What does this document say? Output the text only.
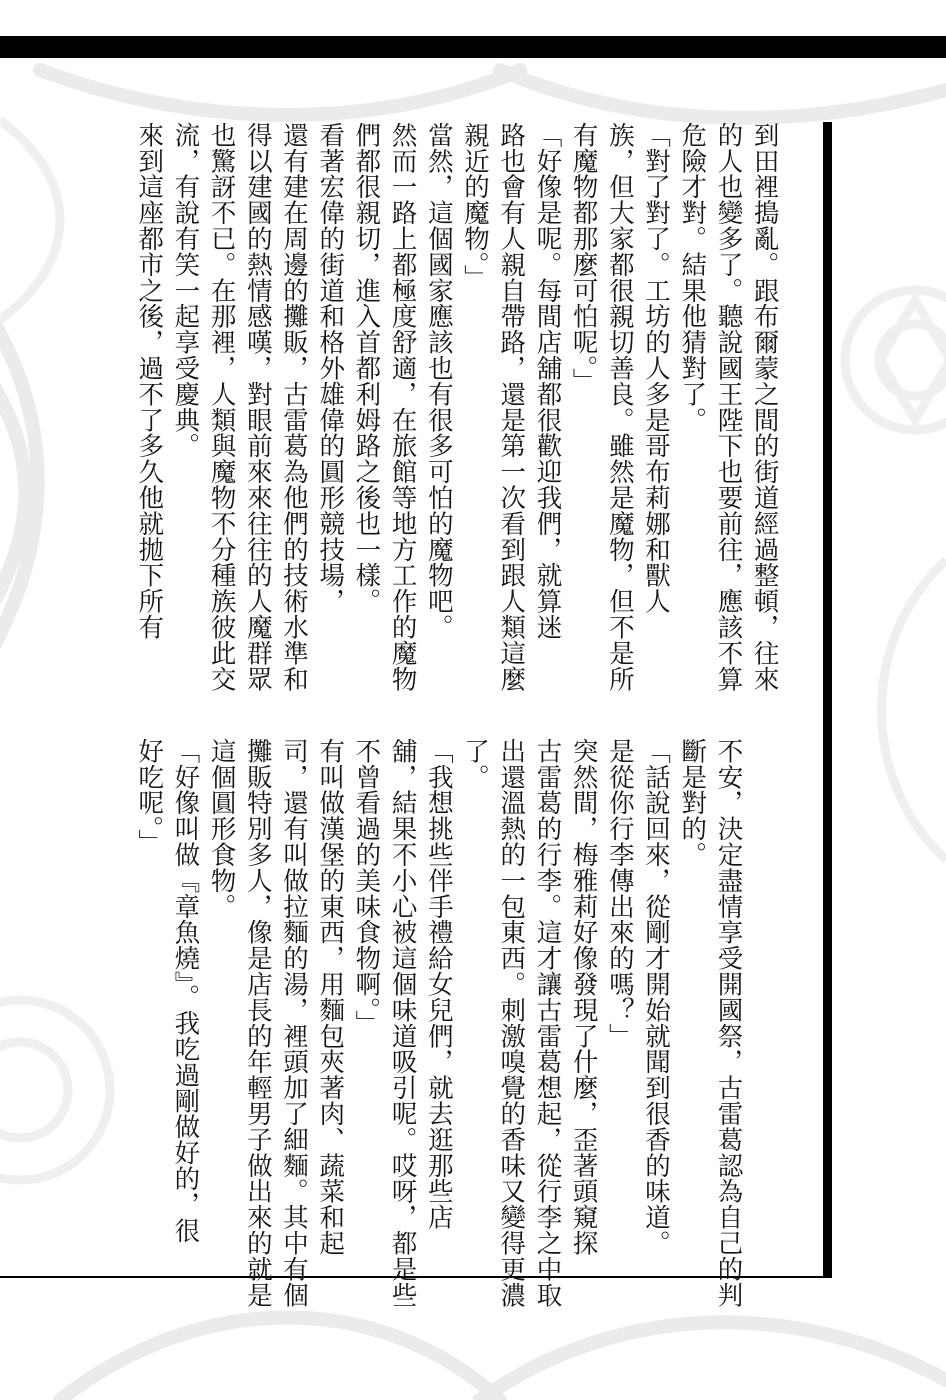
到田裡搗亂。跟布爾蒙之間的街道經過整頓，往來
的人也變多了。聽說國王陛下也要前往，應該不算
危險才對。結果他猜對了。
「對了對了。工坊的人多是哥布莉娜和獸人
族，但大家都很親切善良。雖然是魔物，但不是所
有魔物都那麼可怕呢。」
「好像是呢。每間店舖都很歡迎我們，就算迷
路也會有人親自帶路，還是第一次看到跟人類這麼
親近的魔物。」
當然，這個國家應該也有很多可怕的魔物吧。
然而一路上都極度舒適，在旅館等地方工作的魔物
們都很親切，進入首都利姆路之後也一樣。
看著宏偉的街道和格外雄偉的圓形競技場，
還有建在周邊的攤販，古雷葛為他們的技術水準和
得以建國的熱情感嘆，對眼前來來往往的人魔群眾
也驚訝不已。在那裡，人類與魔物不分種族彼此交
流，有說有笑一起享受慶典。
來到這座都市之後，過不了多久他就拋下所有
不安，決定盡情享受開國祭，古雷葛認為自己的判
斷是對的。
「話說回來，從剛才開始就聞到很香的味道。
是從你行李傳出來的嗎？」
突然間，梅雅莉好像發現了什麼，歪著頭窺探
古雷葛的行李。這才讓古雷葛想起，從行李之中取
出還溫熱的一包東西。刺激嗅覺的香味又變得更濃
了。
「我想挑些伴手禮給女兒們，就去逛那些店
舖，結果不小心被這個味道吸引呢。哎呀，都是些
不曾看過的美味食物啊。」
有叫做漢堡的東西，用麵包夾著肉、蔬菜和起
司，還有叫做拉麵的湯，裡頭加了細麵。其中有個
攤販特別多人，像是店長的年輕男子做出來的就是
這個圓形食物。
「好像叫做『章魚燒』。我吃過剛做好的，很
好吃呢。」
